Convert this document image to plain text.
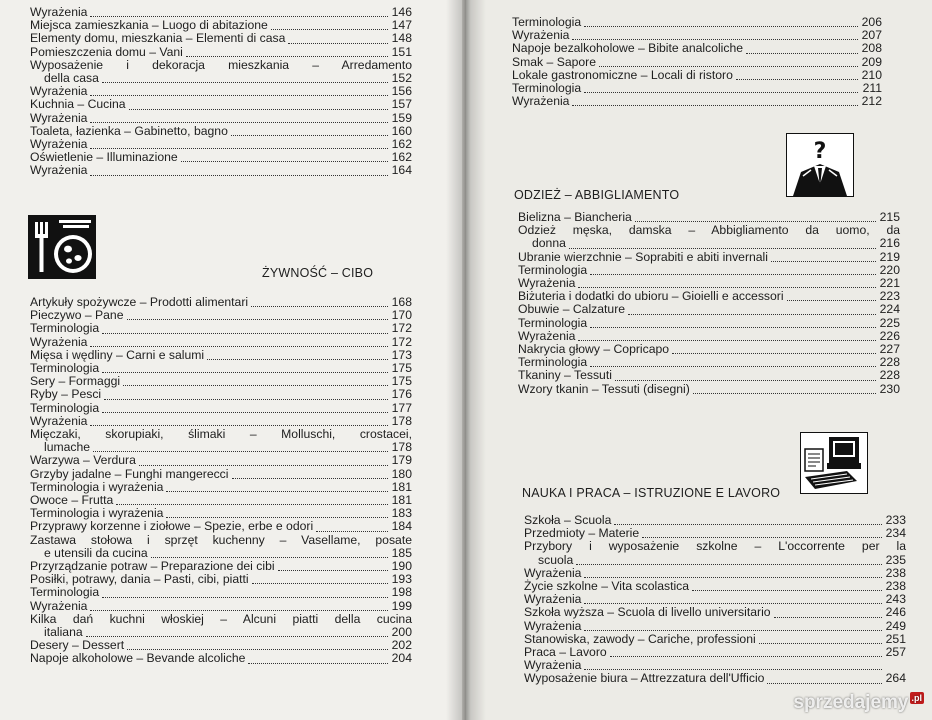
Wyrażenia	146
Miejsca zamieszkania – Luogo di abitazione	147
Elementy domu, mieszkania – Elementi di casa	148
Pomieszczenia domu – Vani	151
Wyposażenie i dekoracja mieszkania – Arredamento
della casa	152
Wyrażenia	156
Kuchnia – Cucina	157
Wyrażenia	159
Toaleta, łazienka – Gabinetto, bagno	160
Wyrażenia	162
Oświetlenie – Illuminazione	162
Wyrażenia	164
ŻYWNOŚĆ – CIBO
Artykuły spożywcze – Prodotti alimentari	168
Pieczywo – Pane	170
Terminologia	172
Wyrażenia	172
Mięsa i wędliny – Carni e salumi	173
Terminologia	175
Sery – Formaggi	175
Ryby – Pesci	176
Terminologia	177
Wyrażenia	178
Mięczaki, skorupiaki, ślimaki – Molluschi, crostacei,
lumache	178
Warzywa – Verdura	179
Grzyby jadalne – Funghi mangerecci	180
Terminologia i wyrażenia	181
Owoce – Frutta	181
Terminologia i wyrażenia	183
Przyprawy korzenne i ziołowe – Spezie, erbe e odori	184
Zastawa stołowa i sprzęt kuchenny – Vasellame, posate
e utensili da cucina	185
Przyrządzanie potraw – Preparazione dei cibi	190
Posiłki, potrawy, dania – Pasti, cibi, piatti	193
Terminologia	198
Wyrażenia	199
Kilka dań kuchni włoskiej – Alcuni piatti della cucina
italiana	200
Desery – Dessert	202
Napoje alkoholowe – Bevande alcoliche	204
Terminologia	206
Wyrażenia	207
Napoje bezalkoholowe – Bibite analcoliche	208
Smak – Sapore	209
Lokale gastronomiczne – Locali di ristoro	210
Terminologia	211
Wyrażenia	212
?
ODZIEŻ – ABBIGLIAMENTO
Bielizna – Biancheria	215
Odzież męska, damska – Abbigliamento da uomo, da
donna	216
Ubranie wierzchnie – Soprabiti e abiti invernali	219
Terminologia	220
Wyrażenia	221
Biżuteria i dodatki do ubioru – Gioielli e accessori	223
Obuwie – Calzature	224
Terminologia	225
Wyrażenia	226
Nakrycia głowy – Copricapo	227
Terminologia	228
Tkaniny – Tessuti	228
Wzory tkanin – Tessuti (disegni)	230
NAUKA I PRACA – ISTRUZIONE E LAVORO
Szkoła – Scuola	233
Przedmioty – Materie	234
Przybory i wyposażenie szkolne – L'occorrente per la
scuola	235
Wyrażenia	238
Życie szkolne – Vita scolastica	238
Wyrażenia	243
Szkoła wyższa – Scuola di livello universitario	246
Wyrażenia	249
Stanowiska, zawody – Cariche, professioni	251
Praca – Lavoro	257
Wyrażenia
Wyposażenie biura – Attrezzatura dell'Ufficio	264
sprzedajemy .pl
